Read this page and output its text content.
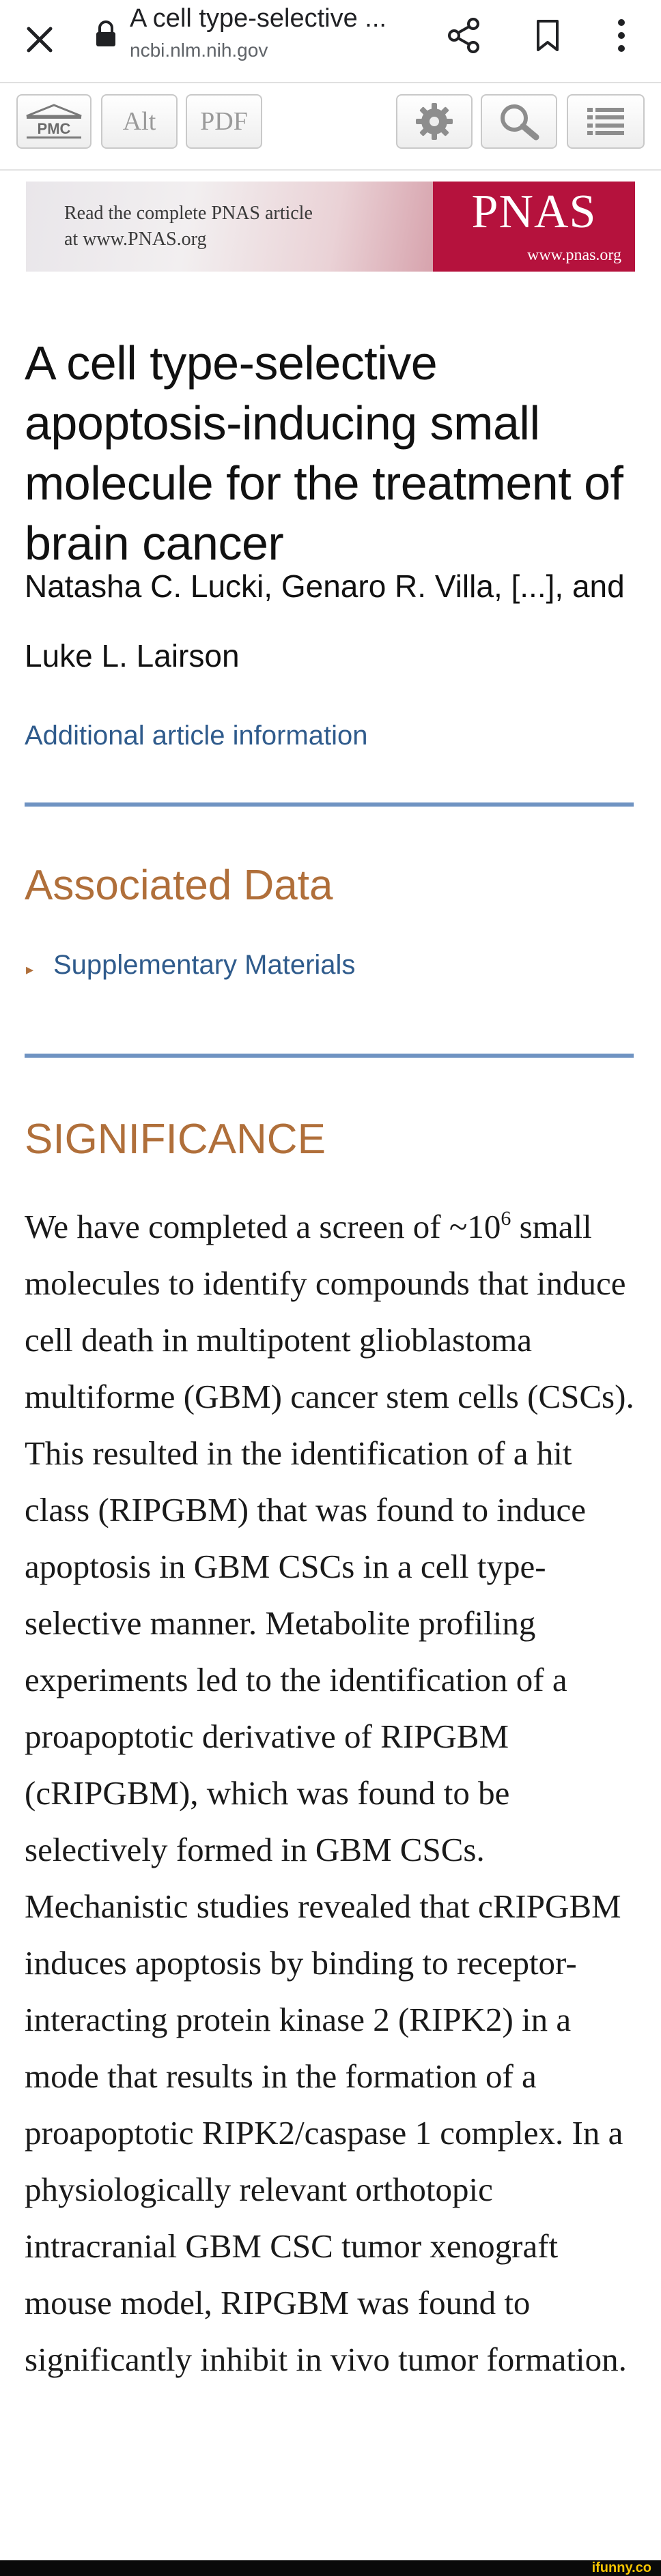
A cell type-selective ...
ncbi.nlm.nih.gov
PMC Alt PDF
Read the complete PNAS article
at www.PNAS.org
PNAS
www.pnas.org
A cell type-selective apoptosis-inducing small molecule for the treatment of brain cancer
Natasha C. Lucki, Genaro R. Villa, [...], and
Luke L. Lairson
Additional article information
Associated Data
▸ Supplementary Materials
SIGNIFICANCE
We have completed a screen of $\sim 10^6$ small molecules to identify compounds that induce cell death in multipotent glioblastoma multiforme (GBM) cancer stem cells (CSCs). This resulted in the identification of a hit class (RIPGBM) that was found to induce apoptosis in GBM CSCs in a cell type-selective manner. Metabolite profiling experiments led to the identification of a proapoptotic derivative of RIPGBM (cRIPGBM), which was found to be selectively formed in GBM CSCs. Mechanistic studies revealed that cRIPGBM induces apoptosis by binding to receptor-interacting protein kinase 2 (RIPK2) in a mode that results in the formation of a proapoptotic RIPK2/caspase 1 complex. In a physiologically relevant orthotopic intracranial GBM CSC tumor xenograft mouse model, RIPGBM was found to significantly inhibit in vivo tumor formation.
ifunny.co
